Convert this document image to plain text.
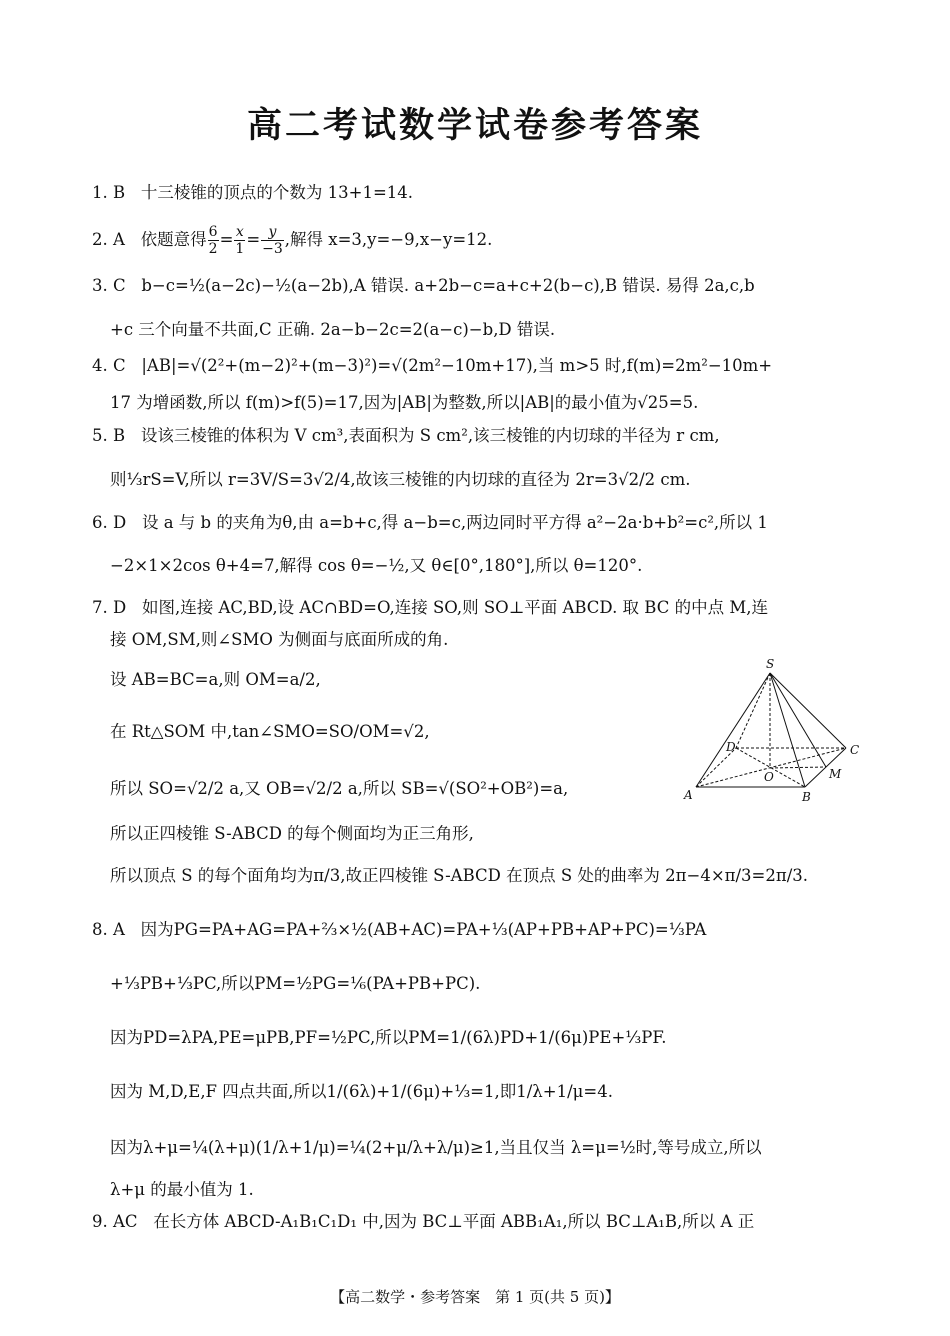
高二考试数学试卷参考答案
1. B 十三棱锥的顶点的个数为 13+1=14.
2. A 依题意得 $\frac{6}{2} = \frac{x}{1} = \frac{y}{-3}$ ,解得 x=3,y=−9,x−y=12.
3. C b−c=½(a−2c)−½(a−2b),A 错误. a+2b−c=a+c+2(b−c),B 错误. 易得 2a,c,b
+c 三个向量不共面,C 正确. 2a−b−2c=2(a−c)−b,D 错误.
4. C |AB|=√(2²+(m−2)²+(m−3)²)=√(2m²−10m+17),当 m>5 时,f(m)=2m²−10m+
17 为增函数,所以 f(m)>f(5)=17,因为|AB|为整数,所以|AB|的最小值为√25=5.
5. B 设该三棱锥的体积为 V cm³,表面积为 S cm²,该三棱锥的内切球的半径为 r cm,
则⅓rS=V,所以 r=3V/S=3√2/4,故该三棱锥的内切球的直径为 2r=3√2/2 cm.
6. D 设 a 与 b 的夹角为θ,由 a=b+c,得 a−b=c,两边同时平方得 a²−2a·b+b²=c²,所以 1
−2×1×2cos θ+4=7,解得 cos θ=−½,又 θ∈[0°,180°],所以 θ=120°.
7. D 如图,连接 AC,BD,设 AC∩BD=O,连接 SO,则 SO⊥平面 ABCD. 取 BC 的中点 M,连
接 OM,SM,则∠SMO 为侧面与底面所成的角.
设 AB=BC=a,则 OM=a/2,
在 Rt△SOM 中,tan∠SMO=SO/OM=√2,
所以 SO=√2/2 a,又 OB=√2/2 a,所以 SB=√(SO²+OB²)=a,
所以正四棱锥 S-ABCD 的每个侧面均为正三角形,
所以顶点 S 的每个面角均为π/3,故正四棱锥 S-ABCD 在顶点 S 处的曲率为 2π−4×π/3=2π/3.
S
D	C
O	M
A	B
8. A 因为PG=PA+AG=PA+⅔×½(AB+AC)=PA+⅓(AP+PB+AP+PC)=⅓PA
+⅓PB+⅓PC,所以PM=½PG=⅙(PA+PB+PC).
因为PD=λPA,PE=μPB,PF=½PC,所以PM=1/(6λ)PD+1/(6μ)PE+⅓PF.
因为 M,D,E,F 四点共面,所以1/(6λ)+1/(6μ)+⅓=1,即1/λ+1/μ=4.
因为λ+μ=¼(λ+μ)(1/λ+1/μ)=¼(2+μ/λ+λ/μ)≥1,当且仅当 λ=μ=½时,等号成立,所以
λ+μ 的最小值为 1.
9. AC 在长方体 ABCD-A₁B₁C₁D₁ 中,因为 BC⊥平面 ABB₁A₁,所以 BC⊥A₁B,所以 A 正
【高二数学・参考答案　第 1 页(共 5 页)】
